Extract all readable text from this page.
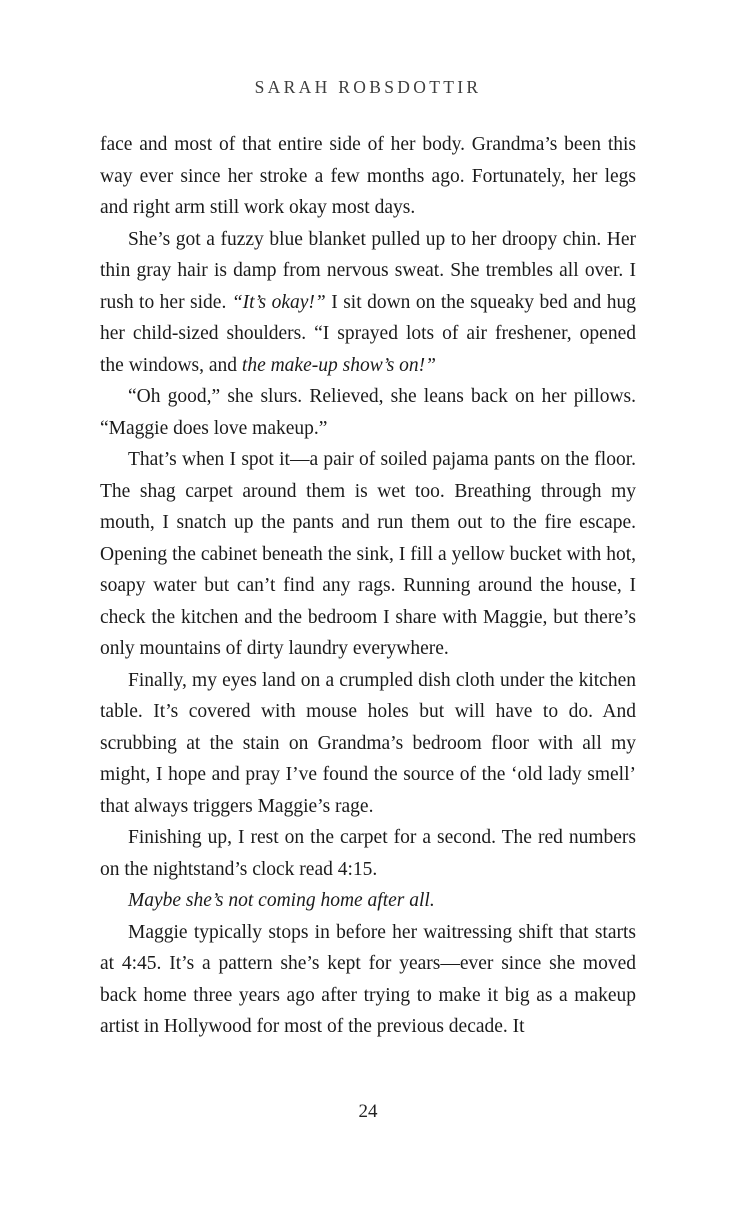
SARAH ROBSDOTTIR

face and most of that entire side of her body. Grandma’s been this way ever since her stroke a few months ago. Fortunately, her legs and right arm still work okay most days.

She’s got a fuzzy blue blanket pulled up to her droopy chin. Her thin gray hair is damp from nervous sweat. She trembles all over. I rush to her side. “It’s okay!” I sit down on the squeaky bed and hug her child-sized shoulders. “I sprayed lots of air freshener, opened the windows, and the make-up show’s on!”

“Oh good,” she slurs. Relieved, she leans back on her pillows. “Maggie does love makeup.”

That’s when I spot it—a pair of soiled pajama pants on the floor. The shag carpet around them is wet too. Breathing through my mouth, I snatch up the pants and run them out to the fire escape. Opening the cabinet beneath the sink, I fill a yellow bucket with hot, soapy water but can’t find any rags. Running around the house, I check the kitchen and the bedroom I share with Maggie, but there’s only mountains of dirty laundry everywhere.

Finally, my eyes land on a crumpled dish cloth under the kitchen table. It’s covered with mouse holes but will have to do. And scrubbing at the stain on Grandma’s bedroom floor with all my might, I hope and pray I’ve found the source of the ‘old lady smell’ that always triggers Maggie’s rage.

Finishing up, I rest on the carpet for a second. The red numbers on the nightstand’s clock read 4:15.

Maybe she’s not coming home after all.

Maggie typically stops in before her waitressing shift that starts at 4:45. It’s a pattern she’s kept for years—ever since she moved back home three years ago after trying to make it big as a makeup artist in Hollywood for most of the previous decade. It

24
